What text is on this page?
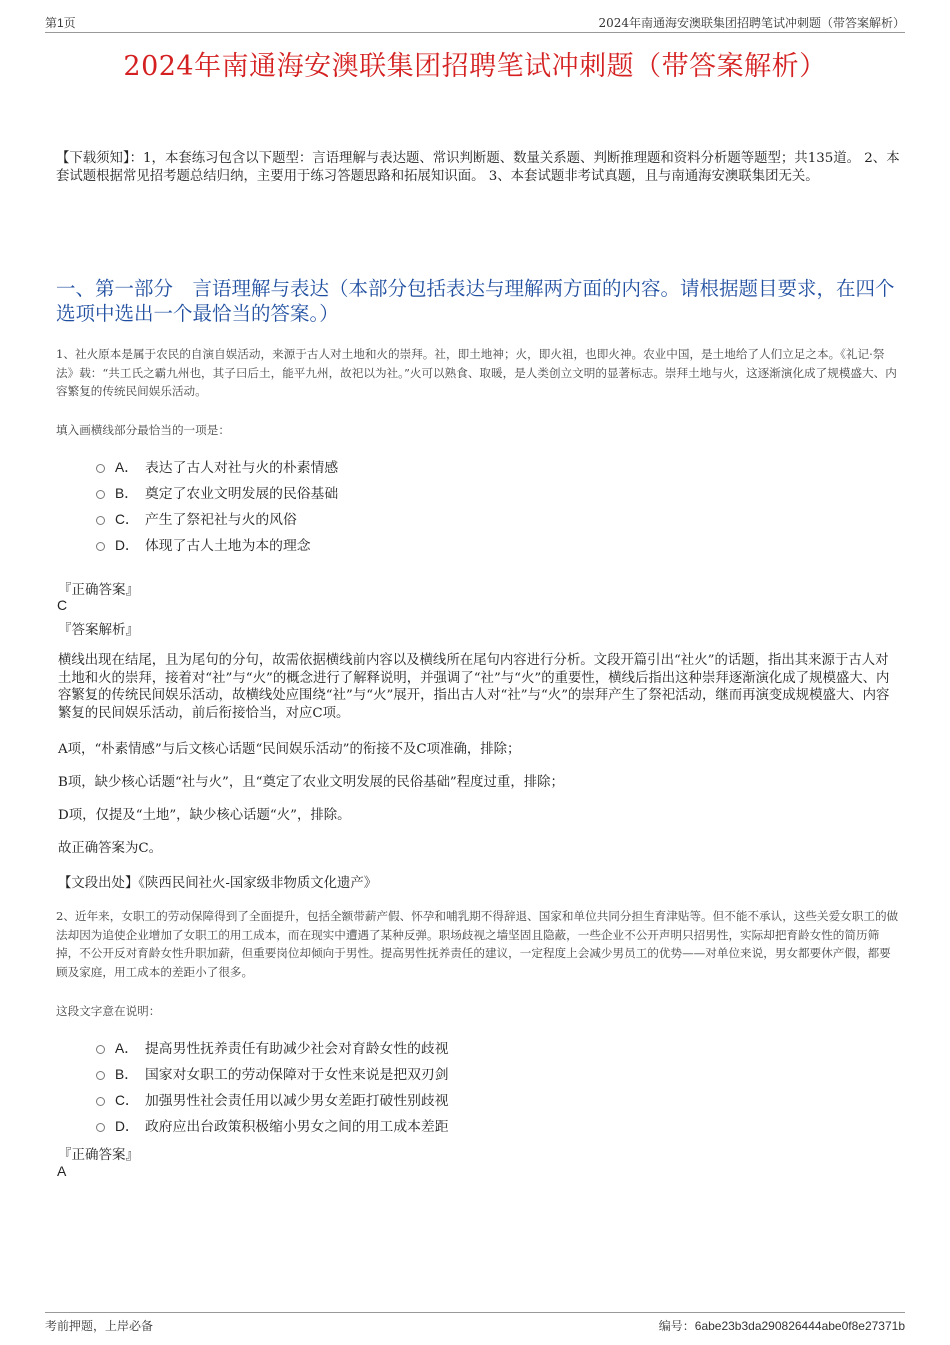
第1页	2024年南通海安澳联集团招聘笔试冲刺题（带答案解析）
2024年南通海安澳联集团招聘笔试冲刺题（带答案解析）
【下载须知】：1，本套练习包含以下题型：言语理解与表达题、常识判断题、数量关系题、判断推理题和资料分析题等题型；共135道。 2、本套试题根据常见招考题总结归纳，主要用于练习答题思路和拓展知识面。 3、本套试题非考试真题，且与南通海安澳联集团无关。
一、第一部分　言语理解与表达（本部分包括表达与理解两方面的内容。请根据题目要求，在四个选项中选出一个最恰当的答案。）
1、社火原本是属于农民的自演自娱活动，来源于古人对土地和火的崇拜。社，即土地神；火，即火祖，也即火神。农业中国，是土地给了人们立足之本。《礼记·祭法》载：“共工氏之霸九州也，其子曰后土，能平九州，故祀以为社。”火可以熟食、取暖，是人类创立文明的显著标志。崇拜土地与火，这逐渐演化成了规模盛大、内容繁复的传统民间娱乐活动。
填入画横线部分最恰当的一项是：
A． 表达了古人对社与火的朴素情感
B． 奠定了农业文明发展的民俗基础
C． 产生了祭祀社与火的风俗
D． 体现了古人土地为本的理念
『正确答案』
C
『答案解析』
横线出现在结尾，且为尾句的分句，故需依据横线前内容以及横线所在尾句内容进行分析。文段开篇引出“社火”的话题，指出其来源于古人对土地和火的崇拜，接着对“社”与“火”的概念进行了解释说明，并强调了“社”与“火”的重要性，横线后指出这种崇拜逐渐演化成了规模盛大、内容繁复的传统民间娱乐活动，故横线处应围绕“社”与“火”展开，指出古人对“社”与“火”的崇拜产生了祭祀活动，继而再演变成规模盛大、内容繁复的民间娱乐活动，前后衔接恰当，对应C项。
A项，“朴素情感”与后文核心话题“民间娱乐活动”的衔接不及C项准确，排除；
B项，缺少核心话题“社与火”，且“奠定了农业文明发展的民俗基础”程度过重，排除；
D项，仅提及“土地”，缺少核心话题“火”，排除。
故正确答案为C。
【文段出处】《陕西民间社火-国家级非物质文化遗产》
2、近年来，女职工的劳动保障得到了全面提升，包括全额带薪产假、怀孕和哺乳期不得辞退、国家和单位共同分担生育津贴等。但不能不承认，这些关爱女职工的做法却因为追使企业增加了女职工的用工成本，而在现实中遭遇了某种反弹。职场歧视之墙坚固且隐蔽，一些企业不公开声明只招男性，实际却把育龄女性的简历筛掉，不公开反对育龄女性升职加薪，但重要岗位却倾向于男性。提高男性抚养责任的建议，一定程度上会减少男员工的优势——对单位来说，男女都要休产假，都要顾及家庭，用工成本的差距小了很多。
这段文字意在说明：
A． 提高男性抚养责任有助减少社会对育龄女性的歧视
B． 国家对女职工的劳动保障对于女性来说是把双刃剑
C． 加强男性社会责任用以减少男女差距打破性别歧视
D． 政府应出台政策积极缩小男女之间的用工成本差距
『正确答案』
A
考前押题，上岸必备	编号：6abe23b3da290826444abe0f8e27371b
